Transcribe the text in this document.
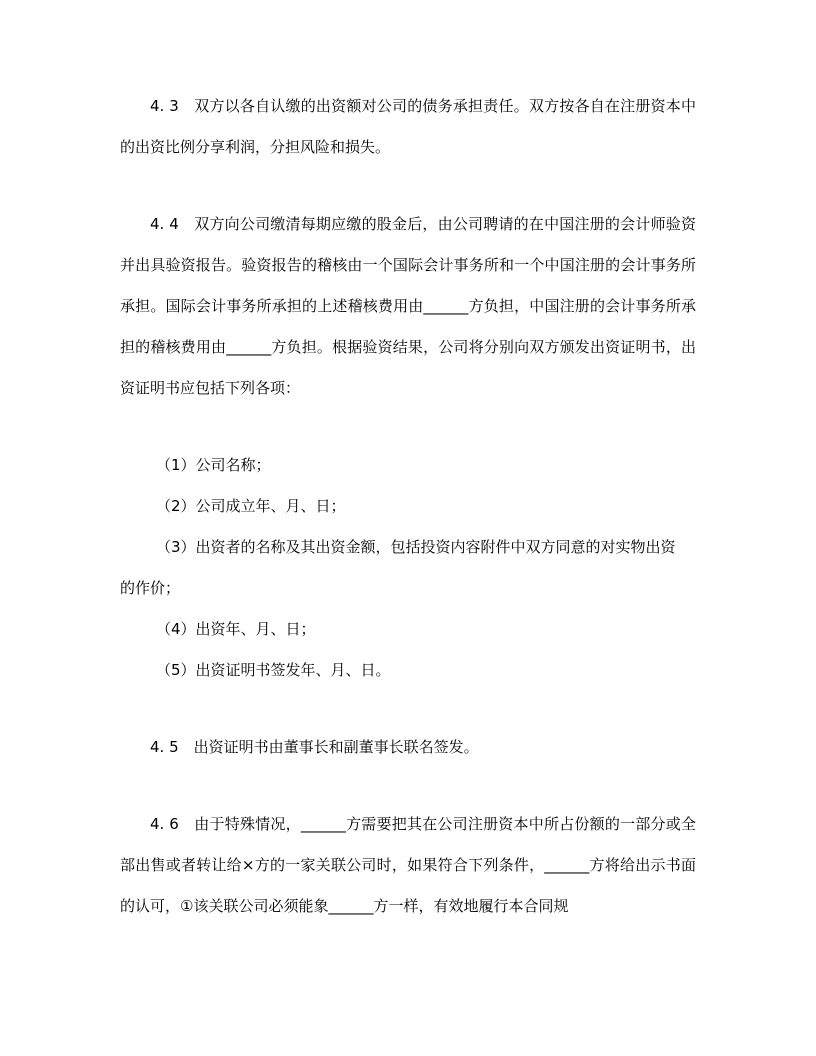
4. 3　双方以各自认缴的出资额对公司的债务承担责任。双方按各自在注册资本中的出资比例分享利润，分担风险和损失。

4. 4　双方向公司缴清每期应缴的股金后，由公司聘请的在中国注册的会计师验资并出具验资报告。验资报告的稽核由一个国际会计事务所和一个中国注册的会计事务所承担。国际会计事务所承担的上述稽核费用由______方负担，中国注册的会计事务所承担的稽核费用由______方负担。根据验资结果，公司将分别向双方颁发出资证明书，出资证明书应包括下列各项：

（1）公司名称；

（2）公司成立年、月、日；

（3）出资者的名称及其出资金额，包括投资内容附件中双方同意的对实物出资

的作价；

（4）出资年、月、日；

（5）出资证明书签发年、月、日。

4. 5　出资证明书由董事长和副董事长联名签发。

4. 6　由于特殊情况，______方需要把其在公司注册资本中所占份额的一部分或全部出售或者转让给×方的一家关联公司时，如果符合下列条件，______方将给出示书面的认可，①该关联公司必须能象______方一样，有效地履行本合同规
